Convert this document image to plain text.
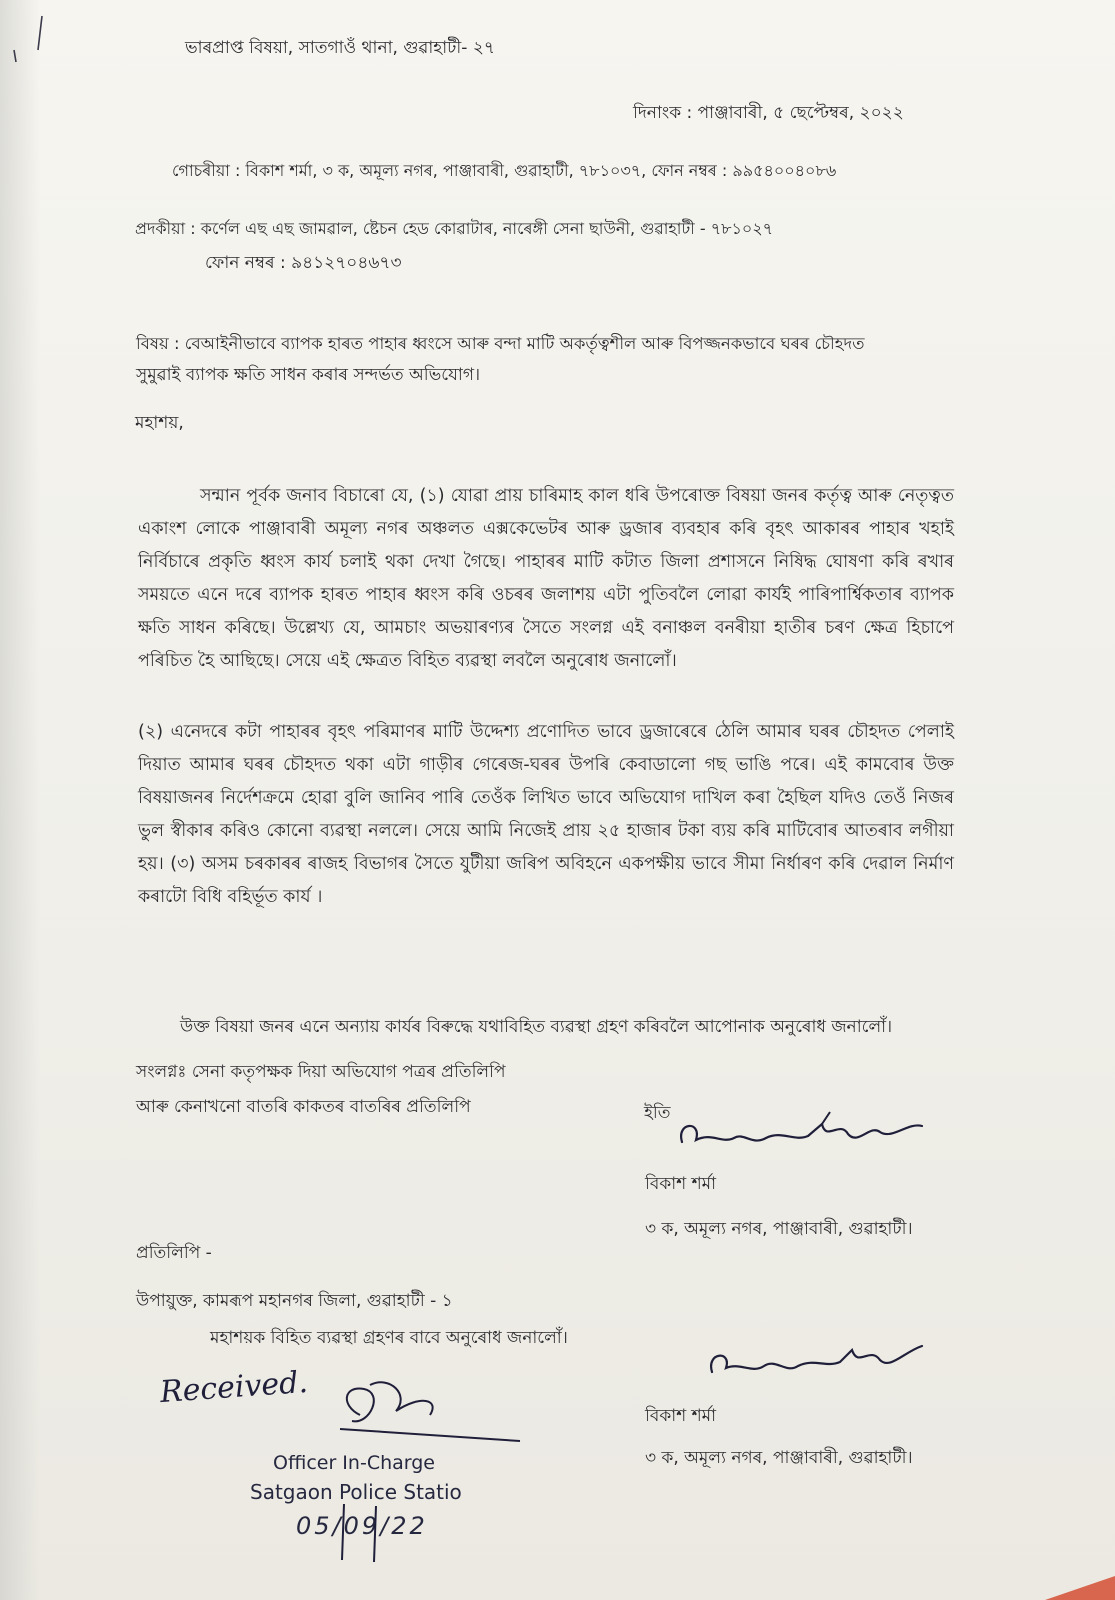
ভাৰপ্ৰাপ্ত বিষয়া, সাতগাওঁ থানা, গুৱাহাটী- ২৭
দিনাংক : পাঞ্জাবাৰী, ৫ ছেপ্টেম্বৰ, ২০২২
গোচৰীয়া : বিকাশ শৰ্মা, ৩ ক, অমূল্য নগৰ, পাঞ্জাবাৰী, গুৱাহাটী, ৭৮১০৩৭, ফোন নম্বৰ : ৯৯৫৪০০৪০৮৬
প্ৰদকীয়া : কৰ্ণেল এছ এছ জামৱাল, ষ্টেচন হেড কোৱাটাৰ, নাৰেঙ্গী সেনা ছাউনী, গুৱাহাটী - ৭৮১০২৭
ফোন নম্বৰ : ৯৪১২৭০৪৬৭৩
বিষয় : বেআইনীভাবে ব্যাপক হাৰত পাহাৰ ধ্বংসে আৰু বন্দা মাটি অকৰ্তৃত্বশীল আৰু বিপজ্জনকভাবে ঘৰৰ চৌহদত
সুমুৱাই ব্যাপক ক্ষতি সাধন কৰাৰ সন্দৰ্ভত অভিযোগ।
মহাশয়,
সন্মান পূৰ্বক জনাব বিচাৰো যে, (১) যোৱা প্ৰায় চাৰিমাহ কাল ধৰি উপৰোক্ত বিষয়া জনৰ কৰ্তৃত্ব আৰু নেতৃত্বত একাংশ লোকে পাঞ্জাবাৰী অমূল্য নগৰ অঞ্চলত এক্সকেভেটৰ আৰু ড্ৰজাৰ ব্যবহাৰ কৰি বৃহৎ আকাৰৰ পাহাৰ খহাই নিৰ্বিচাৰে প্ৰকৃতি ধ্বংস কাৰ্য চলাই থকা দেখা গৈছে। পাহাৰৰ মাটি কটাত জিলা প্ৰশাসনে নিষিদ্ধ ঘোষণা কৰি ৰখাৰ সময়তে এনে দৰে ব্যাপক হাৰত পাহাৰ ধ্বংস কৰি ওচৰৰ জলাশয় এটা পুতিবলৈ লোৱা কাৰ্যই পাৰিপাৰ্শ্বিকতাৰ ব্যাপক ক্ষতি সাধন কৰিছে। উল্লেখ্য যে, আমচাং অভয়াৰণ্যৰ সৈতে সংলগ্ন এই বনাঞ্চল বনৰীয়া হাতীৰ চৰণ ক্ষেত্ৰ হিচাপে পৰিচিত হৈ আছিছে। সেয়ে এই ক্ষেত্ৰত বিহিত ব্যৱস্থা লবলৈ অনুৰোধ জনালোঁ।
(২) এনেদৰে কটা পাহাৰৰ বৃহৎ পৰিমাণৰ মাটি উদ্দেশ্য প্ৰণোদিত ভাবে ড্ৰজাৰেৰে ঠেলি আমাৰ ঘৰৰ চৌহদত পেলাই দিয়াত আমাৰ ঘৰৰ চৌহদত থকা এটা গাড়ীৰ গেৰেজ-ঘৰৰ উপৰি কেবাডালো গছ ভাঙি পৰে। এই কামবোৰ উক্ত বিষয়াজনৰ নিৰ্দেশক্ৰমে হোৱা বুলি জানিব পাৰি তেওঁক লিখিত ভাবে অভিযোগ দাখিল কৰা হৈছিল যদিও তেওঁ নিজৰ ভুল স্বীকাৰ কৰিও কোনো ব্যৱস্থা নললে। সেয়ে আমি নিজেই প্ৰায় ২৫ হাজাৰ টকা ব্যয় কৰি মাটিবোৰ আতৰাব লগীয়া হয়। (৩) অসম চৰকাৰৰ ৰাজহ বিভাগৰ সৈতে যুটীয়া জৰিপ অবিহনে একপক্ষীয় ভাবে সীমা নিৰ্ধাৰণ কৰি দেৱাল নিৰ্মাণ কৰাটো বিধি বহিৰ্ভূত কাৰ্য ।
উক্ত বিষয়া জনৰ এনে অন্যায় কাৰ্যৰ বিৰুদ্ধে যথাবিহিত ব্যৱস্থা গ্ৰহণ কৰিবলৈ আপোনাক অনুৰোধ জনালোঁ।
সংলগ্নঃ সেনা কতৃপক্ষক দিয়া অভিযোগ পত্ৰৰ প্ৰতিলিপি
আৰু কেনাখনো বাতৰি কাকতৰ বাতৰিৰ প্ৰতিলিপি	ইতি
বিকাশ শৰ্মা
৩ ক, অমূল্য নগৰ, পাঞ্জাবাৰী, গুৱাহাটী।
প্ৰতিলিপি -
উপায়ুক্ত, কামৰূপ মহানগৰ জিলা, গুৱাহাটী - ১
মহাশয়ক বিহিত ব্যৱস্থা গ্ৰহণৰ বাবে অনুৰোধ জনালোঁ।
বিকাশ শৰ্মা
৩ ক, অমূল্য নগৰ, পাঞ্জাবাৰী, গুৱাহাটী।
Received.
Officer In-Charge
Satgaon Police Statio
05/09/22
